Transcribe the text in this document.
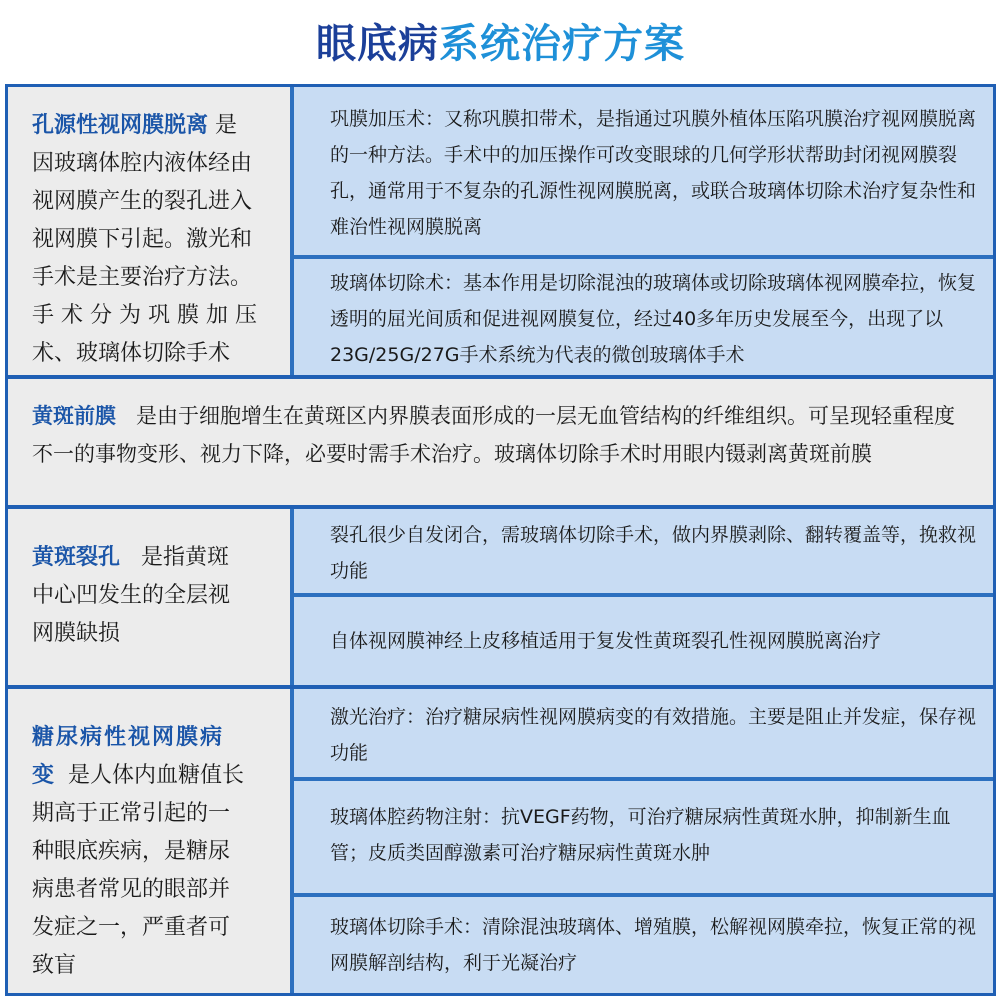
眼底病系统治疗方案
孔源性视网膜脱离 是
因玻璃体腔内液体经由
视网膜产生的裂孔进入
视网膜下引起。激光和
手术是主要治疗方法。
手术分为巩膜加压
术、玻璃体切除手术
巩膜加压术：又称巩膜扣带术，是指通过巩膜外植体压陷巩膜治疗视网膜脱离的一种方法。手术中的加压操作可改变眼球的几何学形状帮助封闭视网膜裂孔，通常用于不复杂的孔源性视网膜脱离，或联合玻璃体切除术治疗复杂性和难治性视网膜脱离
玻璃体切除术：基本作用是切除混浊的玻璃体或切除玻璃体视网膜牵拉，恢复透明的屈光间质和促进视网膜复位，经过40多年历史发展至今，出现了以23G/25G/27G手术系统为代表的微创玻璃体手术
黄斑前膜 是由于细胞增生在黄斑区内界膜表面形成的一层无血管结构的纤维组织。可呈现轻重程度不一的事物变形、视力下降，必要时需手术治疗。玻璃体切除手术时用眼内镊剥离黄斑前膜
黄斑裂孔 是指黄斑
中心凹发生的全层视
网膜缺损
裂孔很少自发闭合，需玻璃体切除手术，做内界膜剥除、翻转覆盖等，挽救视功能
自体视网膜神经上皮移植适用于复发性黄斑裂孔性视网膜脱离治疗
糖尿病性视网膜病
变 是人体内血糖值长
期高于正常引起的一
种眼底疾病，是糖尿
病患者常见的眼部并
发症之一，严重者可
致盲
激光治疗：治疗糖尿病性视网膜病变的有效措施。主要是阻止并发症，保存视功能
玻璃体腔药物注射：抗VEGF药物，可治疗糖尿病性黄斑水肿，抑制新生血管；皮质类固醇激素可治疗糖尿病性黄斑水肿
玻璃体切除手术：清除混浊玻璃体、增殖膜，松解视网膜牵拉，恢复正常的视网膜解剖结构，利于光凝治疗
